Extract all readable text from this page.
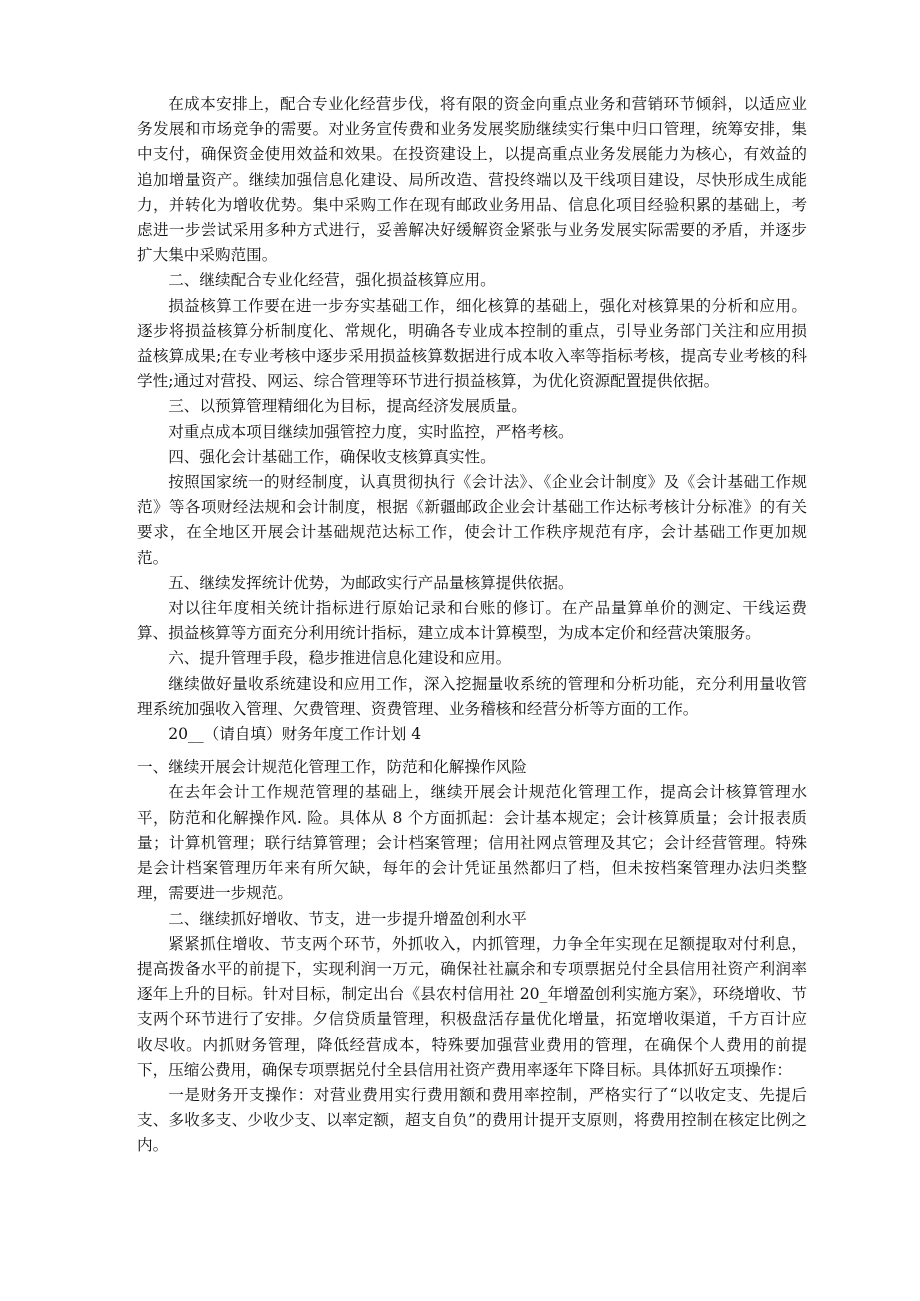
在成本安排上，配合专业化经营步伐，将有限的资金向重点业务和营销环节倾斜，以适应业务发展和市场竞争的需要。对业务宣传费和业务发展奖励继续实行集中归口管理，统筹安排，集中支付，确保资金使用效益和效果。在投资建设上，以提高重点业务发展能力为核心，有效益的追加增量资产。继续加强信息化建设、局所改造、营投终端以及干线项目建设，尽快形成生成能力，并转化为增收优势。集中采购工作在现有邮政业务用品、信息化项目经验积累的基础上，考虑进一步尝试采用多种方式进行，妥善解决好缓解资金紧张与业务发展实际需要的矛盾，并逐步扩大集中采购范围。

二、继续配合专业化经营，强化损益核算应用。

损益核算工作要在进一步夯实基础工作，细化核算的基础上，强化对核算果的分析和应用。逐步将损益核算分析制度化、常规化，明确各专业成本控制的重点，引导业务部门关注和应用损益核算成果;在专业考核中逐步采用损益核算数据进行成本收入率等指标考核，提高专业考核的科学性;通过对营投、网运、综合管理等环节进行损益核算，为优化资源配置提供依据。

三、以预算管理精细化为目标，提高经济发展质量。

对重点成本项目继续加强管控力度，实时监控，严格考核。

四、强化会计基础工作，确保收支核算真实性。

按照国家统一的财经制度，认真贯彻执行《会计法》、《企业会计制度》及《会计基础工作规范》等各项财经法规和会计制度，根据《新疆邮政企业会计基础工作达标考核计分标准》的有关要求，在全地区开展会计基础规范达标工作，使会计工作秩序规范有序，会计基础工作更加规范。

五、继续发挥统计优势，为邮政实行产品量核算提供依据。

对以往年度相关统计指标进行原始记录和台账的修订。在产品量算单价的测定、干线运费算、损益核算等方面充分利用统计指标，建立成本计算模型，为成本定价和经营决策服务。

六、提升管理手段，稳步推进信息化建设和应用。

继续做好量收系统建设和应用工作，深入挖掘量收系统的管理和分析功能，充分利用量收管理系统加强收入管理、欠费管理、资费管理、业务稽核和经营分析等方面的工作。

20__（请自填）财务年度工作计划 4

一、继续开展会计规范化管理工作，防范和化解操作风险

在去年会计工作规范管理的基础上，继续开展会计规范化管理工作，提高会计核算管理水平，防范和化解操作风. 险。具体从 8 个方面抓起：会计基本规定；会计核算质量；会计报表质量；计算机管理；联行结算管理；会计档案管理；信用社网点管理及其它；会计经营管理。特殊是会计档案管理历年来有所欠缺，每年的会计凭证虽然都归了档，但未按档案管理办法归类整理，需要进一步规范。

二、继续抓好增收、节支，进一步提升增盈创利水平

紧紧抓住增收、节支两个环节，外抓收入，内抓管理，力争全年实现在足额提取对付利息，提高拨备水平的前提下，实现利润一万元，确保社社赢余和专项票据兑付全县信用社资产利润率逐年上升的目标。针对目标，制定出台《县农村信用社 20_年增盈创利实施方案》，环绕增收、节支两个环节进行了安排。夕信贷质量管理，积极盘活存量优化增量，拓宽增收渠道，千方百计应收尽收。内抓财务管理，降低经营成本，特殊要加强营业费用的管理，在确保个人费用的前提下，压缩公费用，确保专项票据兑付全县信用社资产费用率逐年下降目标。具体抓好五项操作：

一是财务开支操作：对营业费用实行费用额和费用率控制，严格实行了“以收定支、先提后支、多收多支、少收少支、以率定额，超支自负”的费用计提开支原则，将费用控制在核定比例之内。
